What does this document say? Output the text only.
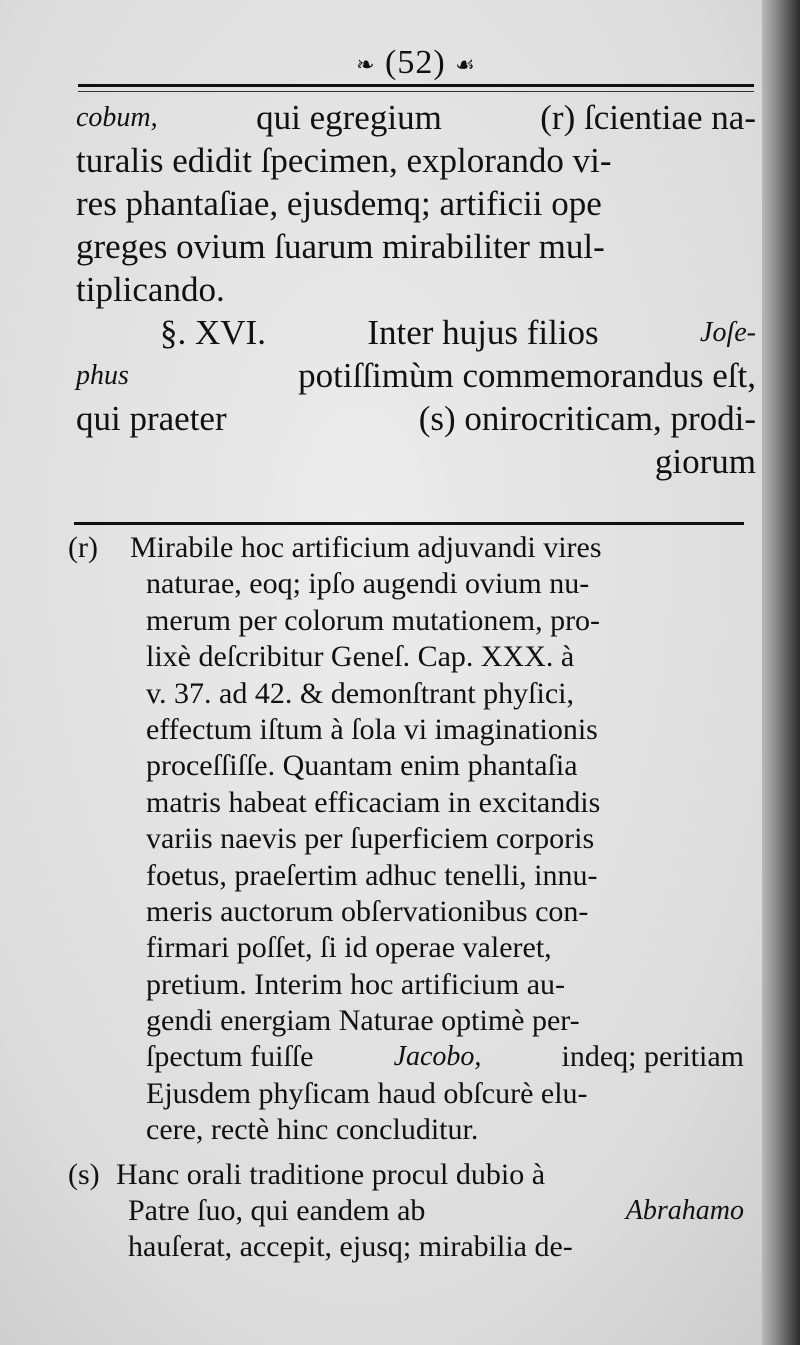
❧ (52) ☙
cobum,	qui egregium	(r) ſcientiae na-
turalis edidit ſpecimen, explorando vi-
res phantaſiae, ejusdemq; artificii ope
greges ovium ſuarum mirabiliter mul-
tiplicando.
§. XVI.	Inter hujus filios	Joſe-
phus	potiſſimùm commemorandus eſt,
qui praeter	(s) onirocriticam, prodi-
giorum
(r) Mirabile hoc artificium adjuvandi vires
naturae, eoq; ipſo augendi ovium nu-
merum per colorum mutationem, pro-
lixè deſcribitur Geneſ. Cap. XXX. à
v. 37. ad 42. & demonſtrant phyſici,
effectum iſtum à ſola vi imaginationis
proceſſiſſe. Quantam enim phantaſia
matris habeat efficaciam in excitandis
variis naevis per ſuperficiem corporis
foetus, praeſertim adhuc tenelli, innu-
meris auctorum obſervationibus con-
firmari poſſet, ſi id operae valeret,
pretium. Interim hoc artificium au-
gendi energiam Naturae optimè per-
ſpectum fuiſſe	Jacobo,	indeq; peritiam
Ejusdem phyſicam haud obſcurè elu-
cere, rectè hinc concluditur.
(s) Hanc orali traditione procul dubio à
Patre ſuo, qui eandem ab	Abrahamo
hauſerat, accepit, ejusq; mirabilia de-
